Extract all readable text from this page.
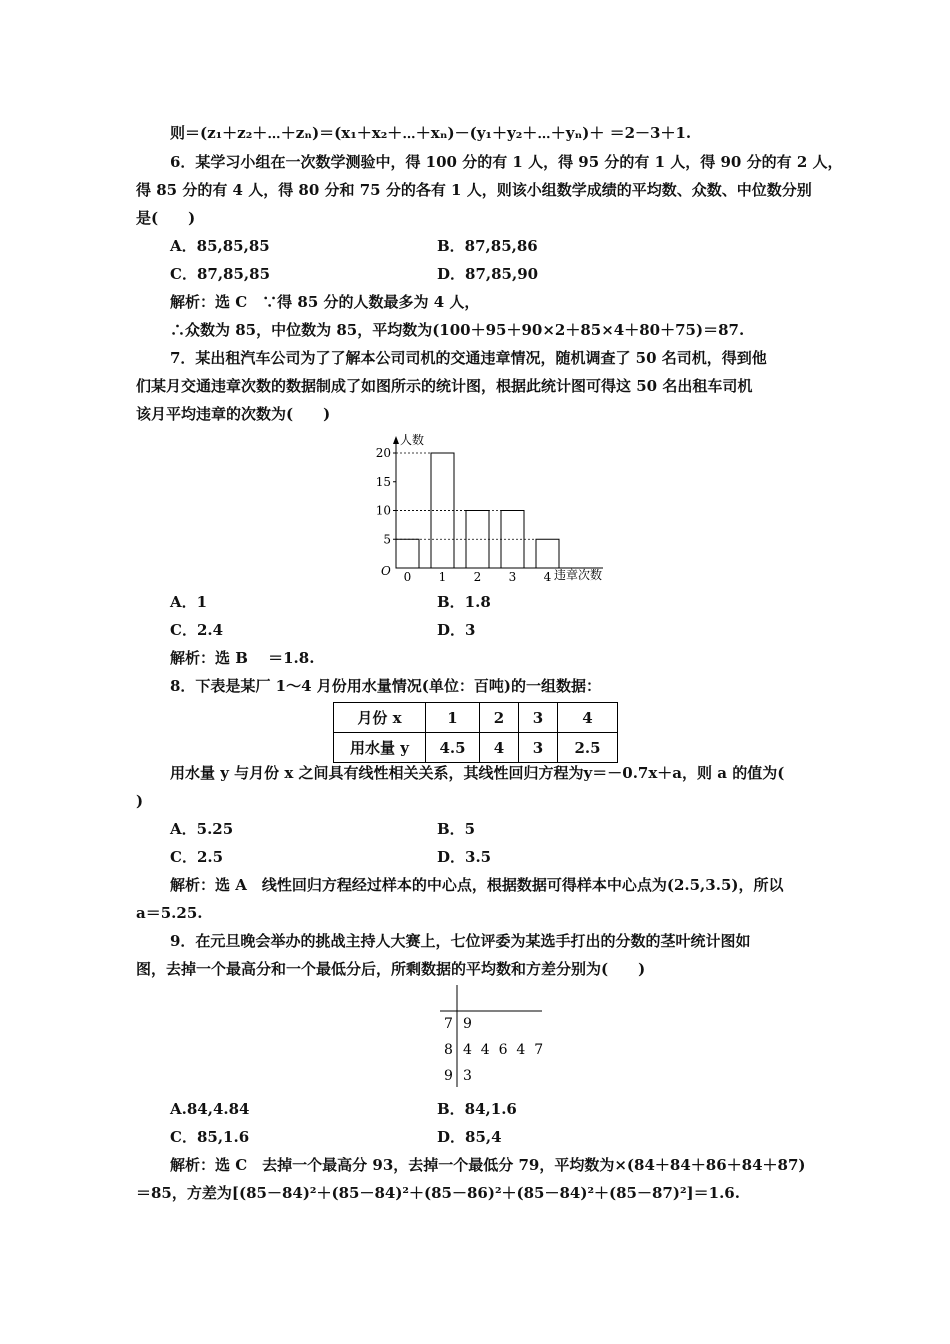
则＝(z₁＋z₂＋⋯＋zₙ)＝(x₁＋x₂＋⋯＋xₙ)－(y₁＋y₂＋⋯＋yₙ)＋ ＝2－3＋1.
6．某学习小组在一次数学测验中，得 100 分的有 1 人，得 95 分的有 1 人，得 90 分的有 2 人，
得 85 分的有 4 人，得 80 分和 75 分的各有 1 人，则该小组数学成绩的平均数、众数、中位数分别
是(　　)
A．85,85,85	B．87,85,86
C．87,85,85	D．87,85,90
解析：选 C　∵得 85 分的人数最多为 4 人，
∴众数为 85，中位数为 85，平均数为(100＋95＋90×2＋85×4＋80＋75)＝87.
7．某出租汽车公司为了了解本公司司机的交通违章情况，随机调查了 50 名司机，得到他
们某月交通违章次数的数据制成了如图所示的统计图，根据此统计图可得这 50 名出租车司机
该月平均违章的次数为(　　)
人数
违章次数
O
5
10
15
20
0 1 2 3 4
A．1	B．1.8
C．2.4	D．3
解析：选 B　 ＝1.8.
8．下表是某厂 1～4 月份用水量情况(单位：百吨)的一组数据：
月份 x	1	2	3	4
用水量 y	4.5	4	3	2.5
用水量 y 与月份 x 之间具有线性相关关系，其线性回归方程为y＝－0.7x＋a，则 a 的值为(
)
A．5.25	B．5
C．2.5	D．3.5
解析：选 A　线性回归方程经过样本的中心点，根据数据可得样本中心点为(2.5,3.5)，所以
a＝5.25.
9．在元旦晚会举办的挑战主持人大赛上，七位评委为某选手打出的分数的茎叶统计图如
图，去掉一个最高分和一个最低分后，所剩数据的平均数和方差分别为(　　)
7 9
8 4  4  6  4  7
9 3
A.84,4.84	B．84,1.6
C．85,1.6	D．85,4
解析：选 C　去掉一个最高分 93，去掉一个最低分 79，平均数为×(84＋84＋86＋84＋87)
＝85，方差为[(85－84)²＋(85－84)²＋(85－86)²＋(85－84)²＋(85－87)²]＝1.6.
